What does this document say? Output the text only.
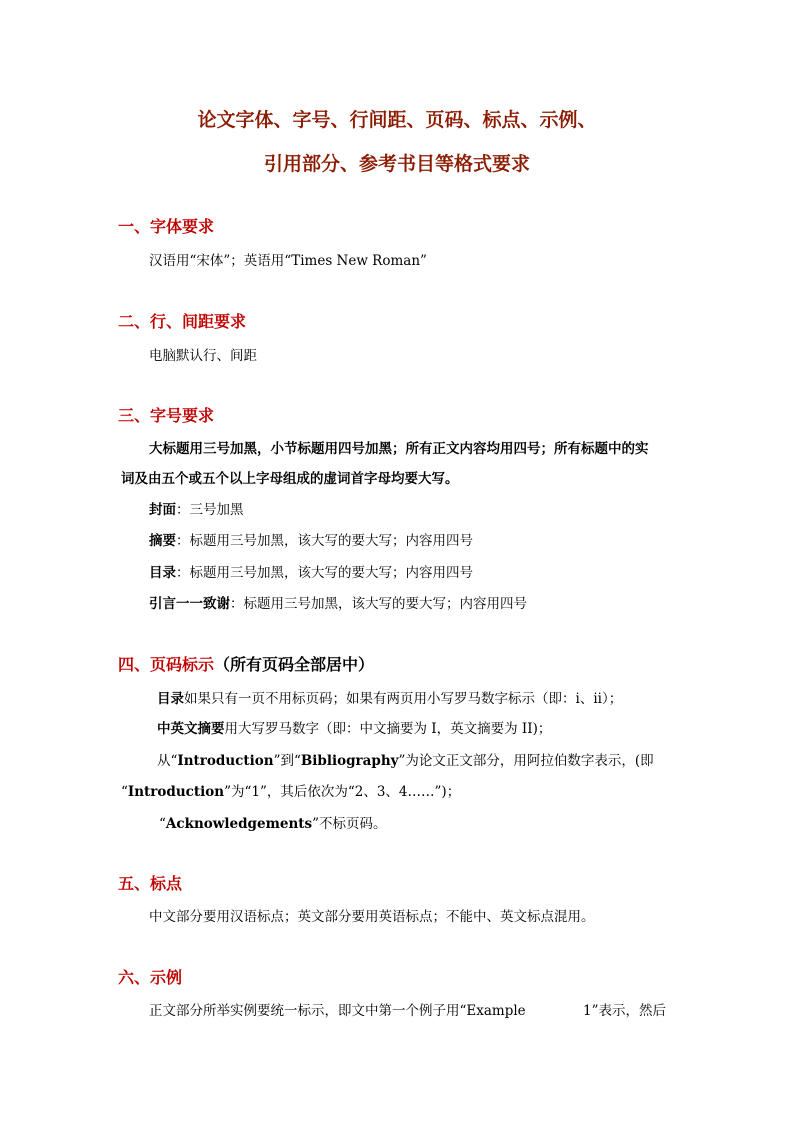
论文字体、字号、行间距、页码、标点、示例、
引用部分、参考书目等格式要求
一、字体要求
汉语用“宋体”；英语用“Times New Roman”
二、行、间距要求
电脑默认行、间距
三、字号要求
大标题用三号加黑，小节标题用四号加黑；所有正文内容均用四号；所有标题中的实
词及由五个或五个以上字母组成的虚词首字母均要大写。
封面：三号加黑
摘要：标题用三号加黑，该大写的要大写；内容用四号
目录：标题用三号加黑，该大写的要大写；内容用四号
引言一一致谢：标题用三号加黑，该大写的要大写；内容用四号
四、页码标示（所有页码全部居中）
目录如果只有一页不用标页码；如果有两页用小写罗马数字标示（即：i、ii）；
中英文摘要用大写罗马数字（即：中文摘要为 I，英文摘要为 II)；
从“Introduction”到“Bibliography”为论文正文部分，用阿拉伯数字表示，(即
“Introduction”为“1”，其后依次为“2、3、4……”)；
“Acknowledgements”不标页码。
五、标点
中文部分要用汉语标点；英文部分要用英语标点；不能中、英文标点混用。
六、示例
正文部分所举实例要统一标示，即文中第一个例子用“Example	1”表示，然后
